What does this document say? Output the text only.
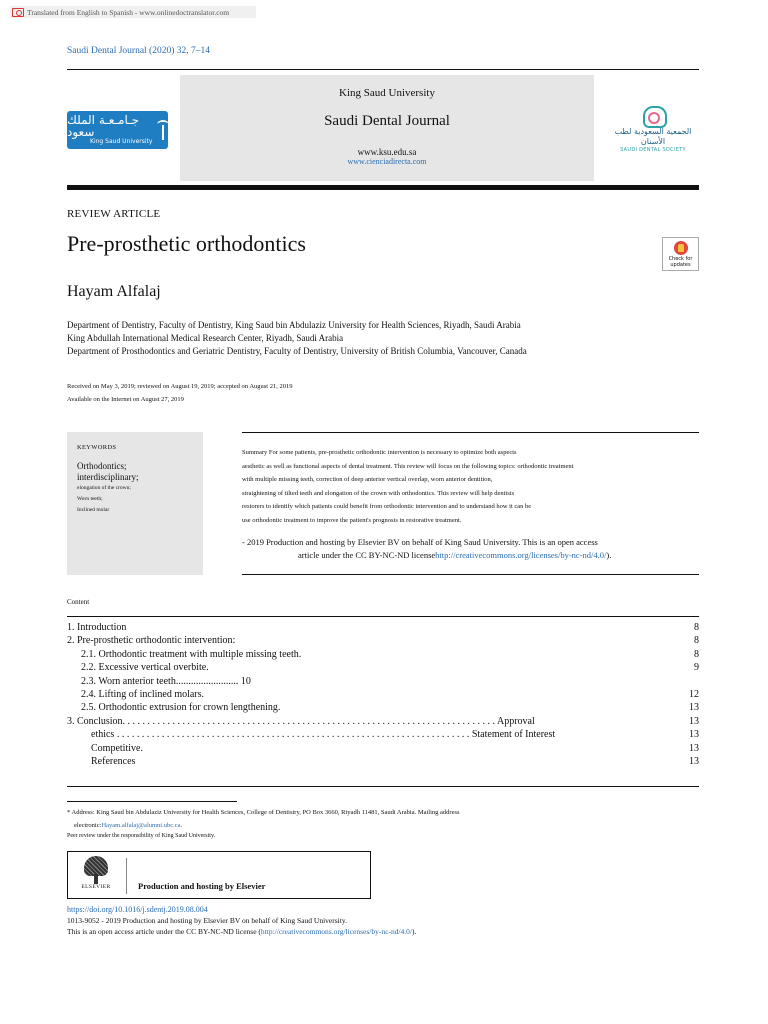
Translated from English to Spanish - www.onlinedoctranslator.com
Saudi Dental Journal (2020) 32, 7–14
جـامـعـة الملك سعود
King Saud University
King Saud University
Saudi Dental Journal
www.ksu.edu.sa
www.cienciadirecta.com
الجمعية السعودية لطب الأسنان
SAUDI DENTAL SOCIETY
REVIEW ARTICLE
Pre-prosthetic orthodontics
Check for updates
Hayam Alfalaj
Department of Dentistry, Faculty of Dentistry, King Saud bin Abdulaziz University for Health Sciences, Riyadh, Saudi Arabia
King Abdullah International Medical Research Center, Riyadh, Saudi Arabia
Department of Prosthodontics and Geriatric Dentistry, Faculty of Dentistry, University of British Columbia, Vancouver, Canada
Received on May 3, 2019; reviewed on August 19, 2019; accepted on August 21, 2019
Available on the Internet on August 27, 2019
KEYWORDS
Orthodontics;
interdisciplinary;
elongation of the crown;
Worn teeth;
Inclined molar
Summary For some patients, pre-prosthetic orthodontic intervention is necessary to optimize both aspects
aesthetic as well as functional aspects of dental treatment. This review will focus on the following topics: orthodontic treatment
with multiple missing teeth, correction of deep anterior vertical overlap, worn anterior dentition,
straightening of tilted teeth and elongation of the crown with orthodontics. This review will help dentists
restorers to identify which patients could benefit from orthodontic intervention and to understand how it can be
use orthodontic treatment to improve the patient's prognosis in restorative treatment.
- 2019 Production and hosting by Elsevier BV on behalf of King Saud University. This is an open access
article under the CC BY-NC-ND licensehttp://creativecommons.org/licenses/by-nc-nd/4.0/).
Content
1. Introduction	8
2. Pre-prosthetic orthodontic intervention:	8
2.1. Orthodontic treatment with multiple missing teeth.	8
2.2. Excessive vertical overbite.	9
2.3. Worn anterior teeth......................... 10
2.4. Lifting of inclined molars.	12
2.5. Orthodontic extrusion for crown lengthening.	13
3. Conclusion. . . . . . . . . . . . . . . . . . . . . . . . . . . . . . . . . . . . . . . . . . . . . . . . . . . . . . . . . . . . . . . . . . . . . . . . . . . Approval	13
ethics . . . . . . . . . . . . . . . . . . . . . . . . . . . . . . . . . . . . . . . . . . . . . . . . . . . . . . . . . . . . . . . . . . . . . . . Statement of Interest	13
Competitive.	13
References	13
* Address: King Saud bin Abdulaziz University for Health Sciences, College of Dentistry, PO Box 3660, Riyadh 11481, Saudi Arabia. Mailing address
electronic:Hayam.alfalaj@alumni.ubc.ca.
Peer review under the responsibility of King Saud University.
ELSEVIER	Production and hosting by Elsevier
https://doi.org/10.1016/j.sdentj.2019.08.004
1013-9052 - 2019 Production and hosting by Elsevier BV on behalf of King Saud University.
This is an open access article under the CC BY-NC-ND license (http://creativecommons.org/licenses/by-nc-nd/4.0/).
